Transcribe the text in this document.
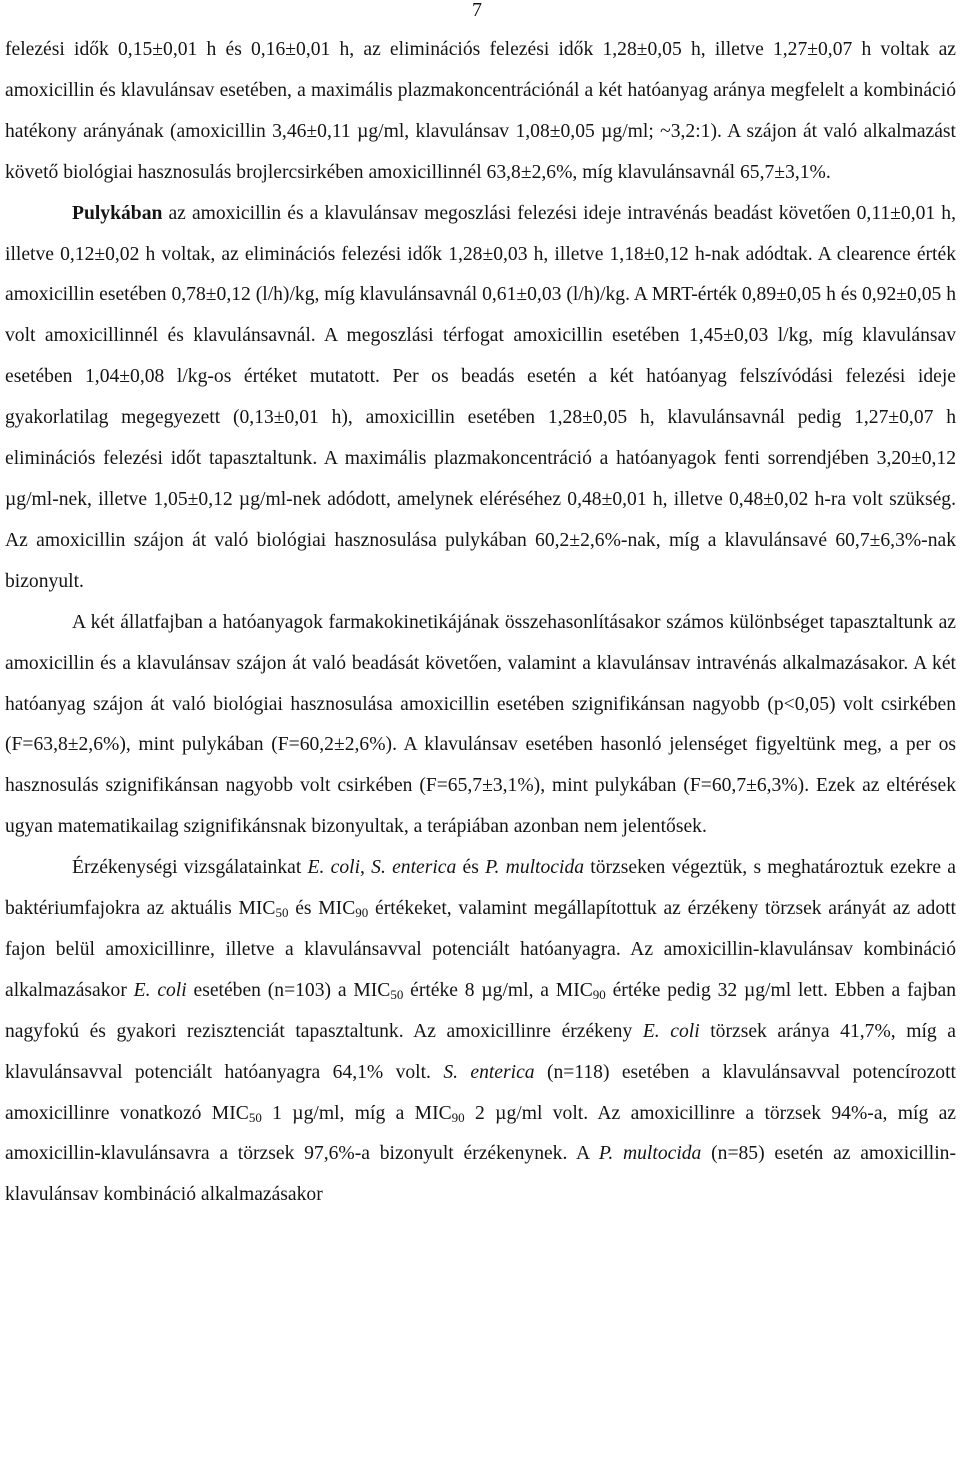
7

felezési idők 0,15±0,01 h és 0,16±0,01 h, az eliminációs felezési idők 1,28±0,05 h, illetve 1,27±0,07 h voltak az amoxicillin és klavulánsav esetében, a maximális plazmakoncentrációnál a két hatóanyag aránya megfelelt a kombináció hatékony arányának (amoxicillin 3,46±0,11 µg/ml, klavulánsav 1,08±0,05 µg/ml; ~3,2:1). A szájon át való alkalmazást követő biológiai hasznosulás brojlercsirkében amoxicillinnél 63,8±2,6%, míg klavulánsavnál 65,7±3,1%.

Pulykában az amoxicillin és a klavulánsav megoszlási felezési ideje intravénás beadást követően 0,11±0,01 h, illetve 0,12±0,02 h voltak, az eliminációs felezési idők 1,28±0,03 h, illetve 1,18±0,12 h-nak adódtak. A clearence érték amoxicillin esetében 0,78±0,12 (l/h)/kg, míg klavulánsavnál 0,61±0,03 (l/h)/kg. A MRT-érték 0,89±0,05 h és 0,92±0,05 h volt amoxicillinnél és klavulánsavnál. A megoszlási térfogat amoxicillin esetében 1,45±0,03 l/kg, míg klavulánsav esetében 1,04±0,08 l/kg-os értéket mutatott. Per os beadás esetén a két hatóanyag felszívódási felezési ideje gyakorlatilag megegyezett (0,13±0,01 h), amoxicillin esetében 1,28±0,05 h, klavulánsavnál pedig 1,27±0,07 h eliminációs felezési időt tapasztaltunk. A maximális plazmakoncentráció a hatóanyagok fenti sorrendjében 3,20±0,12 µg/ml-nek, illetve 1,05±0,12 µg/ml-nek adódott, amelynek eléréséhez 0,48±0,01 h, illetve 0,48±0,02 h-ra volt szükség. Az amoxicillin szájon át való biológiai hasznosulása pulykában 60,2±2,6%-nak, míg a klavulánsavé 60,7±6,3%-nak bizonyult.

A két állatfajban a hatóanyagok farmakokinetikájának összehasonlításakor számos különbséget tapasztaltunk az amoxicillin és a klavulánsav szájon át való beadását követően, valamint a klavulánsav intravénás alkalmazásakor. A két hatóanyag szájon át való biológiai hasznosulása amoxicillin esetében szignifikánsan nagyobb (p<0,05) volt csirkében (F=63,8±2,6%), mint pulykában (F=60,2±2,6%). A klavulánsav esetében hasonló jelenséget figyeltünk meg, a per os hasznosulás szignifikánsan nagyobb volt csirkében (F=65,7±3,1%), mint pulykában (F=60,7±6,3%). Ezek az eltérések ugyan matematikailag szignifikánsnak bizonyultak, a terápiában azonban nem jelentősek.

Érzékenységi vizsgálatainkat E. coli, S. enterica és P. multocida törzseken végeztük, s meghatároztuk ezekre a baktériumfajokra az aktuális $MIC_{50}$ és $MIC_{90}$ értékeket, valamint megállapítottuk az érzékeny törzsek arányát az adott fajon belül amoxicillinre, illetve a klavulánsavval potenciált hatóanyagra. Az amoxicillin-klavulánsav kombináció alkalmazásakor E. coli esetében (n=103) a $MIC_{50}$ értéke 8 µg/ml, a $MIC_{90}$ értéke pedig 32 µg/ml lett. Ebben a fajban nagyfokú és gyakori rezisztenciát tapasztaltunk. Az amoxicillinre érzékeny E. coli törzsek aránya 41,7%, míg a klavulánsavval potenciált hatóanyagra 64,1% volt. S. enterica (n=118) esetében a klavulánsavval potencírozott amoxicillinre vonatkozó $MIC_{50}$ 1 µg/ml, míg a $MIC_{90}$ 2 µg/ml volt. Az amoxicillinre a törzsek 94%-a, míg az amoxicillin-klavulánsavra a törzsek 97,6%-a bizonyult érzékenynek. A P. multocida (n=85) esetén az amoxicillin-klavulánsav kombináció alkalmazásakor
